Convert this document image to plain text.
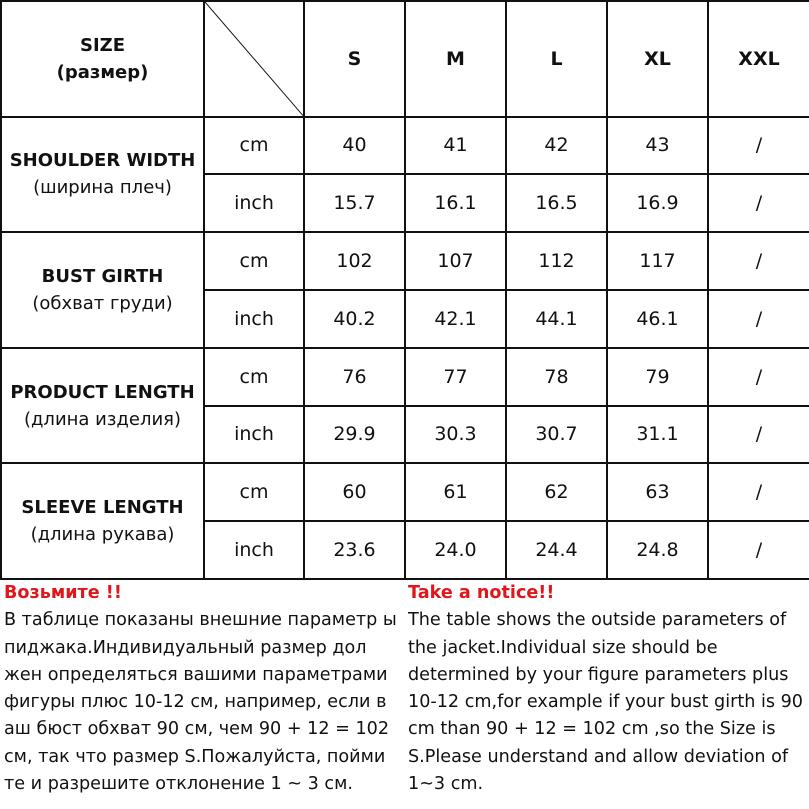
SIZE
(размер)		S	M	L	XL	XXL

SHOULDER WIDTH
(ширина плеч)	cm	40	41	42	43	/
	inch	15.7	16.1	16.5	16.9	/

BUST GIRTH
(обхват груди)	cm	102	107	112	117	/
	inch	40.2	42.1	44.1	46.1	/

PRODUCT LENGTH
(длина изделия)	cm	76	77	78	79	/
	inch	29.9	30.3	30.7	31.1	/

SLEEVE LENGTH
(длина рукава)	cm	60	61	62	63	/
	inch	23.6	24.0	24.4	24.8	/
Возьмите !!
В таблице показаны внешние параметр ы пиджака.Индивидуальный размер дол жен определяться вашими параметрами фигуры плюс 10-12 см, например, если в аш бюст обхват 90 см, чем 90 + 12 = 102 см, так что размер S.Пожалуйста, пойми те и разрешите отклонение 1 ~ 3 см.
Take a notice!!
The table shows the outside parameters of the jacket.Individual size should be determined by your figure parameters plus 10-12 cm,for example if your bust girth is 90 cm than 90 + 12 = 102 cm ,so the Size is S.Please understand and allow deviation of 1~3 cm.
